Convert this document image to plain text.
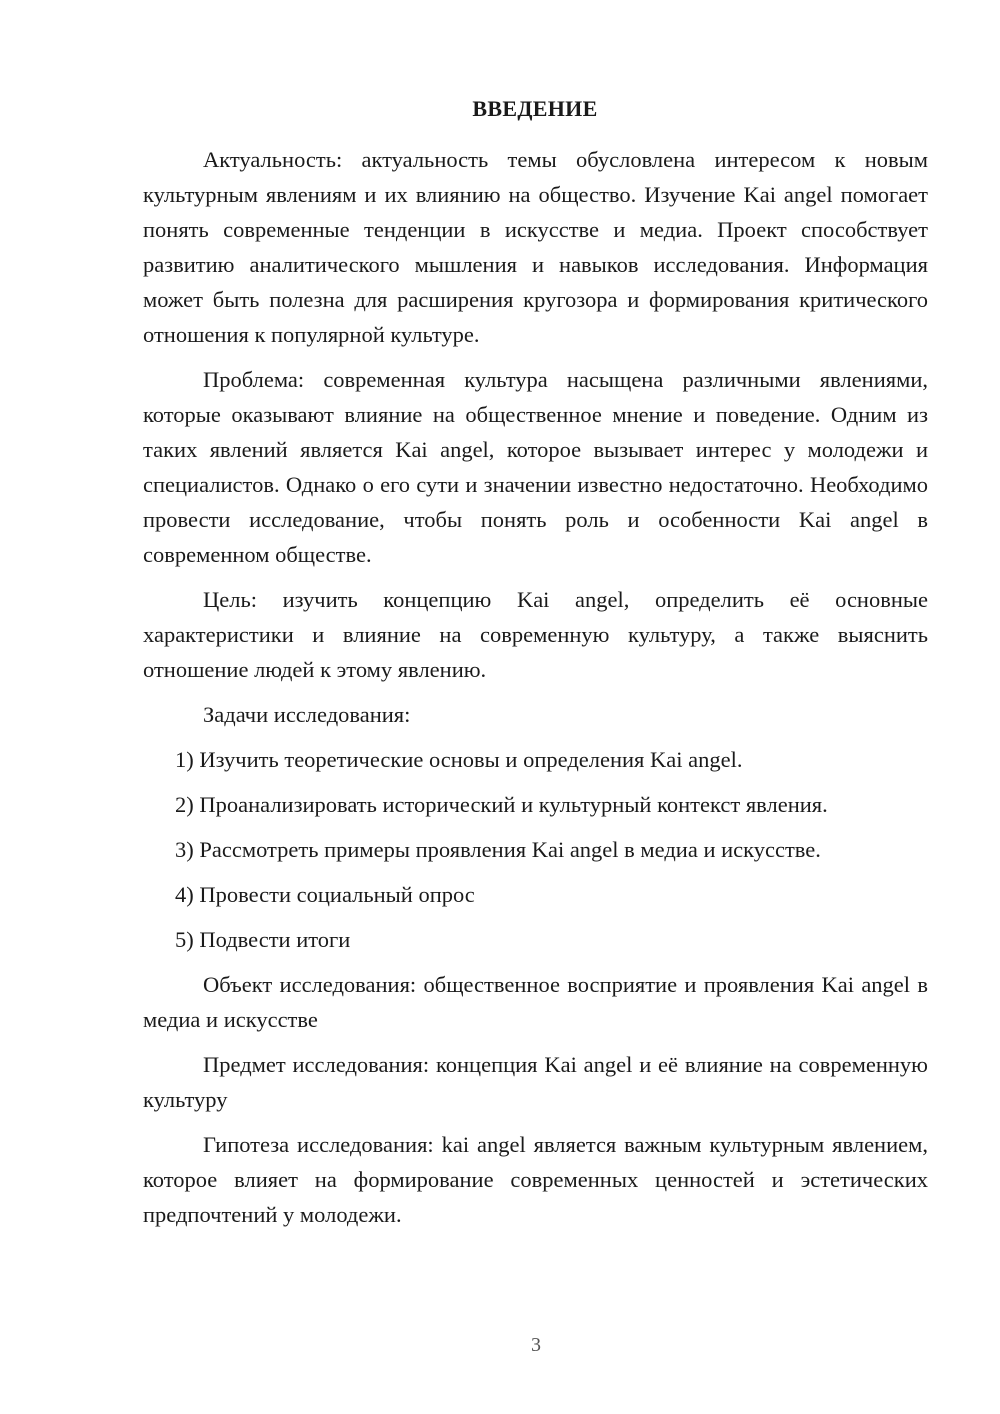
ВВЕДЕНИЕ

Актуальность: актуальность темы обусловлена интересом к новым культурным явлениям и их влиянию на общество. Изучение Kai angel помогает понять современные тенденции в искусстве и медиа. Проект способствует развитию аналитического мышления и навыков исследования. Информация может быть полезна для расширения кругозора и формирования критического отношения к популярной культуре.

Проблема: современная культура насыщена различными явлениями, которые оказывают влияние на общественное мнение и поведение. Одним из таких явлений является Kai angel, которое вызывает интерес у молодежи и специалистов. Однако о его сути и значении известно недостаточно. Необходимо провести исследование, чтобы понять роль и особенности Kai angel в современном обществе.

Цель: изучить концепцию Kai angel, определить её основные характеристики и влияние на современную культуру, а также выяснить отношение людей к этому явлению.

Задачи исследования:

1) Изучить теоретические основы и определения Kai angel.
2) Проанализировать исторический и культурный контекст явления.
3) Рассмотреть примеры проявления Kai angel в медиа и искусстве.
4) Провести социальный опрос
5) Подвести итоги

Объект исследования: общественное восприятие и проявления Kai angel в медиа и искусстве

Предмет исследования: концепция Kai angel и её влияние на современную культуру

Гипотеза исследования: kai angel является важным культурным явлением, которое влияет на формирование современных ценностей и эстетических предпочтений у молодежи.

3
